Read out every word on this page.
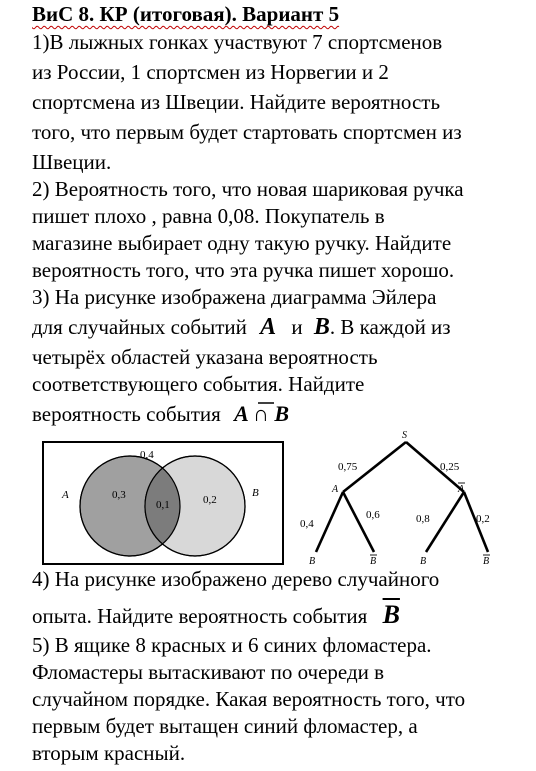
ВиС 8. КР (итоговая). Вариант 5
1)В лыжных гонках участвуют 7 спортсменов
из России, 1 спортсмен из Норвегии и 2
спортсмена из Швеции. Найдите вероятность
того, что первым будет стартовать спортсмен из
Швеции.
2) Вероятность того, что новая шариковая ручка
пишет плохо , равна 0,08. Покупатель в
магазине выбирает одну такую ручку. Найдите
вероятность того, что эта ручка пишет хорошо.
3) На рисунке изображена диаграмма Эйлера
для случайных событий A и B. В каждой из
четырёх областей указана вероятность
соответствующего события. Найдите
вероятность события A ∩ B
0,4
0,3
0,1	0,2
A	B
S
0,75	0,25
A	A
0,4
0,6	0,8	0,2
B	B	B	B
4) На рисунке изображено дерево случайного
опыта. Найдите вероятность события $\overline{B}$
5) В ящике 8 красных и 6 синих фломастера.
Фломастеры вытаскивают по очереди в
случайном порядке. Какая вероятность того, что
первым будет вытащен синий фломастер, а
вторым красный.
